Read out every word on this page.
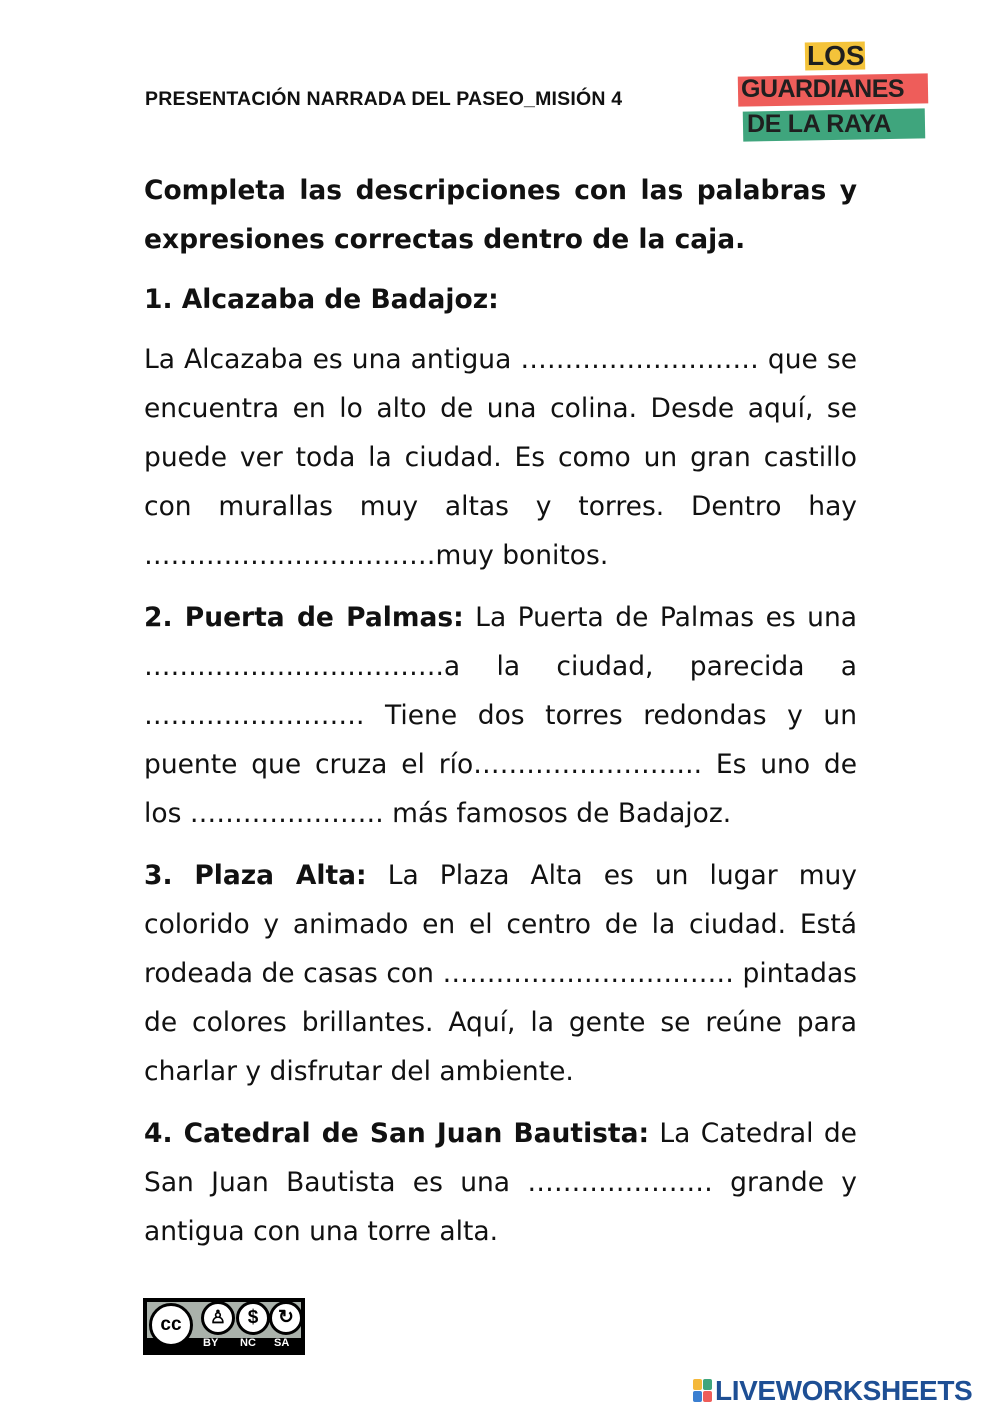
PRESENTACIÓN NARRADA DEL PASEO_MISIÓN 4
LOS
GUARDIANES
DE LA RAYA

Completa las descripciones con las palabras y expresiones correctas dentro de la caja.

1. Alcazaba de Badajoz:

La Alcazaba es una antigua ……………………… que se encuentra en lo alto de una colina. Desde aquí, se puede ver toda la ciudad. Es como un gran castillo con murallas muy altas y torres. Dentro hay ……………………………muy bonitos.

2. Puerta de Palmas: La Puerta de Palmas es una …………………………….a la ciudad, parecida a ……………………. Tiene dos torres redondas y un puente que cruza el río…………………….. Es uno de los …………………. más famosos de Badajoz.

3. Plaza Alta: La Plaza Alta es un lugar muy colorido y animado en el centro de la ciudad. Está rodeada de casas con …………………………… pintadas de colores brillantes. Aquí, la gente se reúne para charlar y disfrutar del ambiente.

4. Catedral de San Juan Bautista: La Catedral de San Juan Bautista es una ………………… grande y antigua con una torre alta.

cc	♙	$	↻
BY NC SA
LIVEWORKSHEETS
